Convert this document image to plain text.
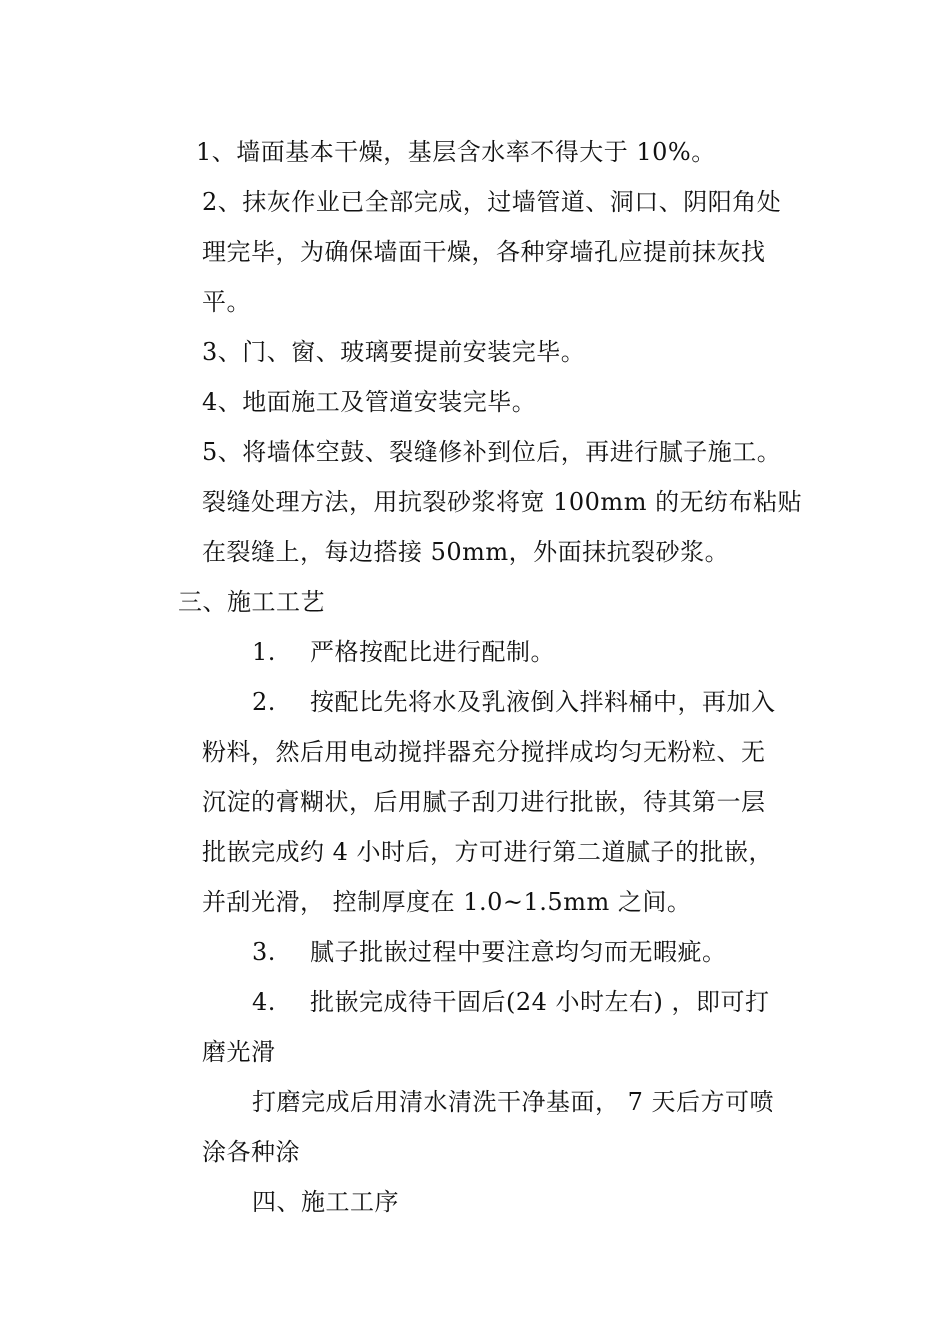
1、墙面基本干燥，基层含水率不得大于 10%。
2、抹灰作业已全部完成，过墙管道、洞口、阴阳角处
理完毕，为确保墙面干燥，各种穿墙孔应提前抹灰找
平。
3、门、窗、玻璃要提前安装完毕。
4、地面施工及管道安装完毕。
5、将墙体空鼓、裂缝修补到位后，再进行腻子施工。
裂缝处理方法，用抗裂砂浆将宽 100mm 的无纺布粘贴
在裂缝上，每边搭接 50mm，外面抹抗裂砂浆。
三、施工工艺
1. 严格按配比进行配制。
2. 按配比先将水及乳液倒入拌料桶中，再加入
粉料，然后用电动搅拌器充分搅拌成均匀无粉粒、无
沉淀的膏糊状，后用腻子刮刀进行批嵌，待其第一层
批嵌完成约 4 小时后，方可进行第二道腻子的批嵌，
并刮光滑， 控制厚度在 1.0~1.5mm 之间。
3. 腻子批嵌过程中要注意均匀而无暇疵。
4. 批嵌完成待干固后(24 小时左右) ，即可打
磨光滑
打磨完成后用清水清洗干净基面， 7 天后方可喷
涂各种涂
四、施工工序
